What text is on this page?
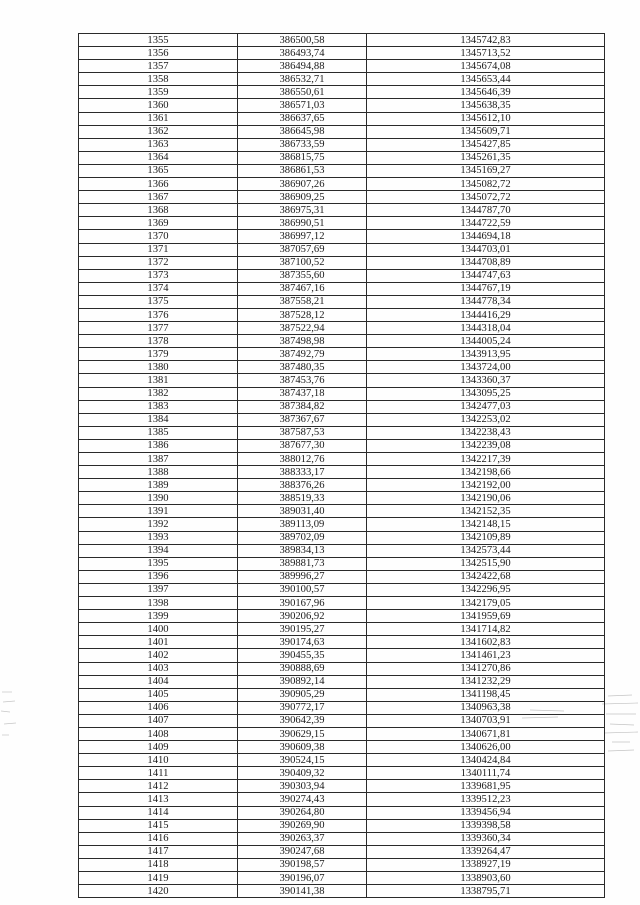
1355	386500,58	1345742,83
1356	386493,74	1345713,52
1357	386494,88	1345674,08
1358	386532,71	1345653,44
1359	386550,61	1345646,39
1360	386571,03	1345638,35
1361	386637,65	1345612,10
1362	386645,98	1345609,71
1363	386733,59	1345427,85
1364	386815,75	1345261,35
1365	386861,53	1345169,27
1366	386907,26	1345082,72
1367	386909,25	1345072,72
1368	386975,31	1344787,70
1369	386990,51	1344722,59
1370	386997,12	1344694,18
1371	387057,69	1344703,01
1372	387100,52	1344708,89
1373	387355,60	1344747,63
1374	387467,16	1344767,19
1375	387558,21	1344778,34
1376	387528,12	1344416,29
1377	387522,94	1344318,04
1378	387498,98	1344005,24
1379	387492,79	1343913,95
1380	387480,35	1343724,00
1381	387453,76	1343360,37
1382	387437,18	1343095,25
1383	387384,82	1342477,03
1384	387367,67	1342253,02
1385	387587,53	1342238,43
1386	387677,30	1342239,08
1387	388012,76	1342217,39
1388	388333,17	1342198,66
1389	388376,26	1342192,00
1390	388519,33	1342190,06
1391	389031,40	1342152,35
1392	389113,09	1342148,15
1393	389702,09	1342109,89
1394	389834,13	1342573,44
1395	389881,73	1342515,90
1396	389996,27	1342422,68
1397	390100,57	1342296,95
1398	390167,96	1342179,05
1399	390206,92	1341959,69
1400	390195,27	1341714,82
1401	390174,63	1341602,83
1402	390455,35	1341461,23
1403	390888,69	1341270,86
1404	390892,14	1341232,29
1405	390905,29	1341198,45
1406	390772,17	1340963,38
1407	390642,39	1340703,91
1408	390629,15	1340671,81
1409	390609,38	1340626,00
1410	390524,15	1340424,84
1411	390409,32	1340111,74
1412	390303,94	1339681,95
1413	390274,43	1339512,23
1414	390264,80	1339456,94
1415	390269,90	1339398,58
1416	390263,37	1339360,34
1417	390247,68	1339264,47
1418	390198,57	1338927,19
1419	390196,07	1338903,60
1420	390141,38	1338795,71
